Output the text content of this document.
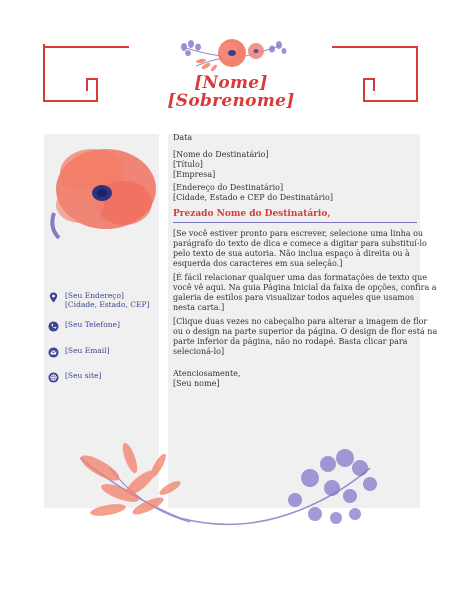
[Nome]
[Sobrenome]
[Seu Endereço]
[Cidade, Estado, CEP]
[Seu Telefone]
[Seu Email]
[Seu site]
Data
[Nome do Destinatário]
[Título]
[Empresa]
[Endereço do Destinatário]
[Cidade, Estado e CEP do Destinatário]
Prezado Nome do Destinatário,
[Se você estiver pronto para escrever, selecione uma linha ou
parágrafo do texto de dica e comece a digitar para substituí-lo
pelo texto de sua autoria. Não inclua espaço à direita ou à
esquerda dos caracteres em sua seleção.]
[É fácil relacionar qualquer uma das formatações de texto que
você vê aqui. Na guia Página Inicial da faixa de opções, confira a
galeria de estilos para visualizar todos aqueles que usamos
nesta carta.]
[Clique duas vezes no cabeçalho para alterar a imagem de flor
ou o design na parte superior da página. O design de flor está na
parte inferior da página, não no rodapé. Basta clicar para
selecioná-lo]
Atenciosamente,
[Seu nome]
